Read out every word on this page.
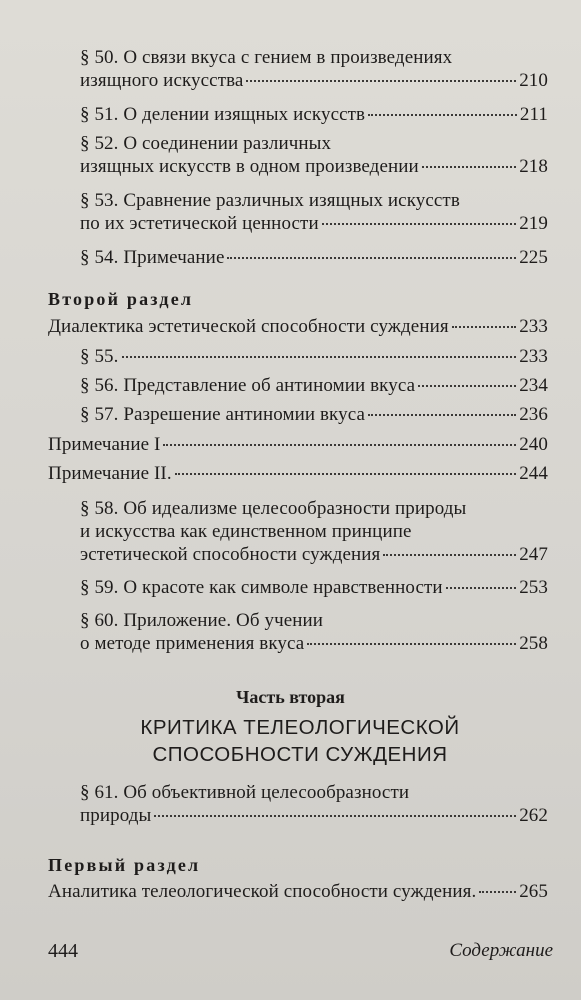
§ 50. О связи вкуса с гением в произведениях
изящного искусства	210
§ 51. О делении изящных искусств	211
§ 52. О соединении различных
изящных искусств в одном произведении	218
§ 53. Сравнение различных изящных искусств
по их эстетической ценности	219
§ 54. Примечание	225
Второй раздел
Диалектика эстетической способности суждения	233
§ 55.	233
§ 56. Представление об антиномии вкуса	234
§ 57. Разрешение антиномии вкуса	236
Примечание I	240
Примечание II.	244
§ 58. Об идеализме целесообразности природы
и искусства как единственном принципе
эстетической способности суждения	247
§ 59. О красоте как символе нравственности	253
§ 60. Приложение. Об учении
о методе применения вкуса	258
Часть вторая
КРИТИКА ТЕЛЕОЛОГИЧЕСКОЙ
СПОСОБНОСТИ СУЖДЕНИЯ
§ 61. Об объективной целесообразности
природы	262
Первый раздел
Аналитика телеологической способности суждения. 265
444	Содержание
